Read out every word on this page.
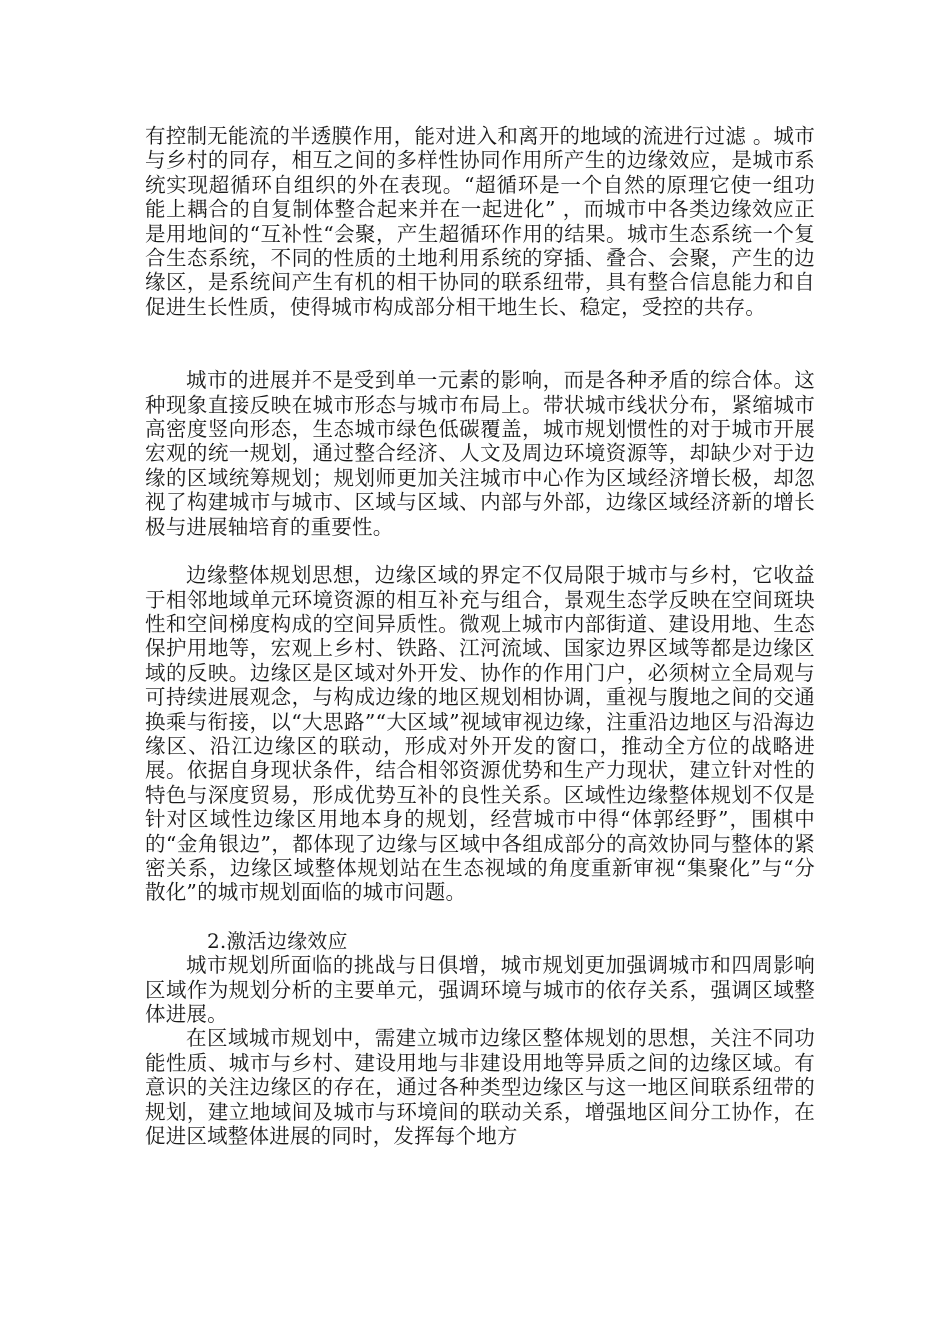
有控制无能流的半透膜作用，能对进入和离开的地域的流进行过滤 。城市与乡村的同存，相互之间的多样性协同作用所产生的边缘效应，是城市系统实现超循环自组织的外在表现。“超循环是一个自然的原理它使一组功能上耦合的自复制体整合起来并在一起进化” ，而城市中各类边缘效应正是用地间的“互补性“会聚，产生超循环作用的结果。城市生态系统一个复合生态系统，不同的性质的土地利用系统的穿插、叠合、会聚，产生的边缘区，是系统间产生有机的相干协同的联系纽带，具有整合信息能力和自促进生长性质，使得城市构成部分相干地生长、稳定，受控的共存。

城市的进展并不是受到单一元素的影响，而是各种矛盾的综合体。这种现象直接反映在城市形态与城市布局上。带状城市线状分布，紧缩城市高密度竖向形态，生态城市绿色低碳覆盖，城市规划惯性的对于城市开展宏观的统一规划，通过整合经济、人文及周边环境资源等，却缺少对于边缘的区域统筹规划；规划师更加关注城市中心作为区域经济增长极，却忽视了构建城市与城市、区域与区域、内部与外部，边缘区域经济新的增长极与进展轴培育的重要性。

边缘整体规划思想，边缘区域的界定不仅局限于城市与乡村，它收益于相邻地域单元环境资源的相互补充与组合，景观生态学反映在空间斑块性和空间梯度构成的空间异质性。微观上城市内部街道、建设用地、生态保护用地等，宏观上乡村、铁路、江河流域、国家边界区域等都是边缘区域的反映。边缘区是区域对外开发、协作的作用门户，必须树立全局观与可持续进展观念，与构成边缘的地区规划相协调，重视与腹地之间的交通换乘与衔接，以“大思路”“大区域”视域审视边缘，注重沿边地区与沿海边缘区、沿江边缘区的联动，形成对外开发的窗口，推动全方位的战略进展。依据自身现状条件，结合相邻资源优势和生产力现状，建立针对性的特色与深度贸易，形成优势互补的良性关系。区域性边缘整体规划不仅是针对区域性边缘区用地本身的规划，经营城市中得“体郭经野”，围棋中的“金角银边”，都体现了边缘与区域中各组成部分的高效协同与整体的紧密关系，边缘区域整体规划站在生态视域的角度重新审视“集聚化”与“分散化”的城市规划面临的城市问题。

2.激活边缘效应

城市规划所面临的挑战与日俱增，城市规划更加强调城市和四周影响区域作为规划分析的主要单元，强调环境与城市的依存关系，强调区域整体进展。

在区域城市规划中，需建立城市边缘区整体规划的思想，关注不同功能性质、城市与乡村、建设用地与非建设用地等异质之间的边缘区域。有意识的关注边缘区的存在，通过各种类型边缘区与这一地区间联系纽带的规划，建立地域间及城市与环境间的联动关系，增强地区间分工协作，在促进区域整体进展的同时，发挥每个地方
